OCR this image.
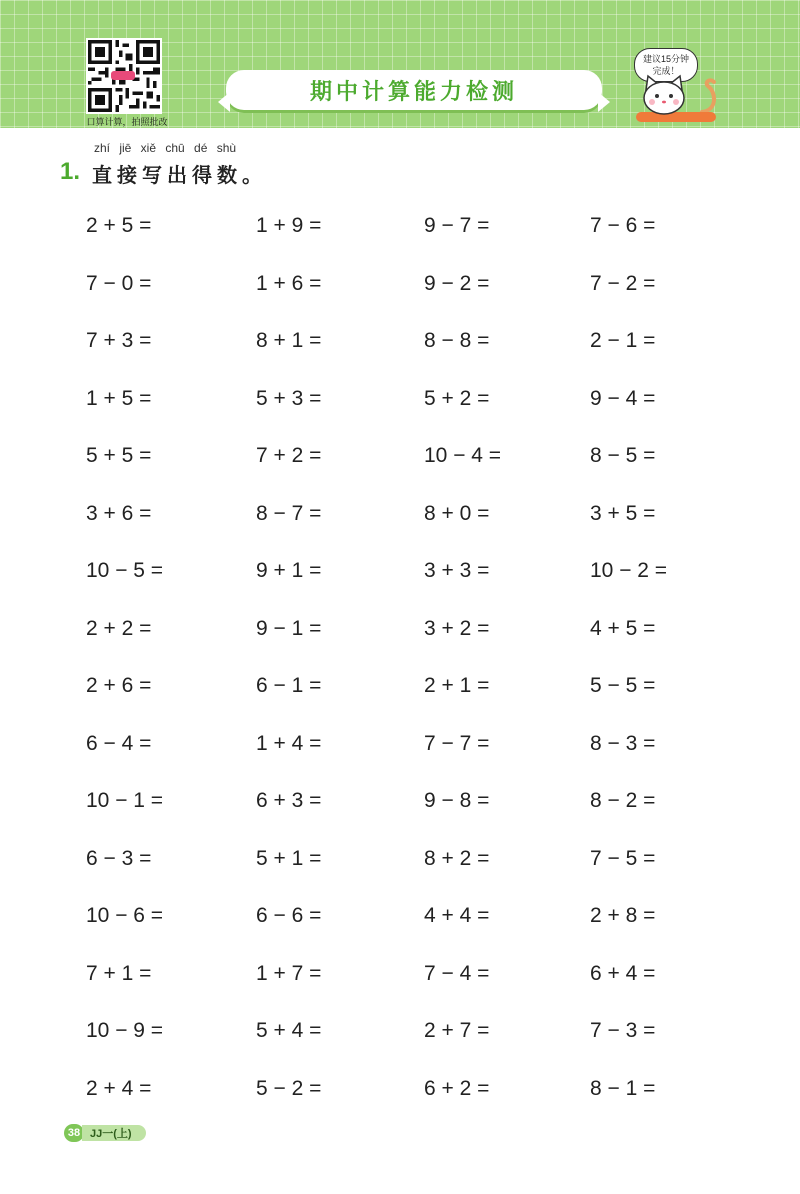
口算计算，拍照批改
期中计算能力检测
建议15分钟
完成！
zhí jiē xiě chū dé shù
1. 直接写出得数。
2 + 5 =	1 + 9 =	9 − 7 =	7 − 6 =
7 − 0 =	1 + 6 =	9 − 2 =	7 − 2 =
7 + 3 =	8 + 1 =	8 − 8 =	2 − 1 =
1 + 5 =	5 + 3 =	5 + 2 =	9 − 4 =
5 + 5 =	7 + 2 =	10 − 4 =	8 − 5 =
3 + 6 =	8 − 7 =	8 + 0 =	3 + 5 =
10 − 5 =	9 + 1 =	3 + 3 =	10 − 2 =
2 + 2 =	9 − 1 =	3 + 2 =	4 + 5 =
2 + 6 =	6 − 1 =	2 + 1 =	5 − 5 =
6 − 4 =	1 + 4 =	7 − 7 =	8 − 3 =
10 − 1 =	6 + 3 =	9 − 8 =	8 − 2 =
6 − 3 =	5 + 1 =	8 + 2 =	7 − 5 =
10 − 6 =	6 − 6 =	4 + 4 =	2 + 8 =
7 + 1 =	1 + 7 =	7 − 4 =	6 + 4 =
10 − 9 =	5 + 4 =	2 + 7 =	7 − 3 =
2 + 4 =	5 − 2 =	6 + 2 =	8 − 1 =
38 JJ一(上)
